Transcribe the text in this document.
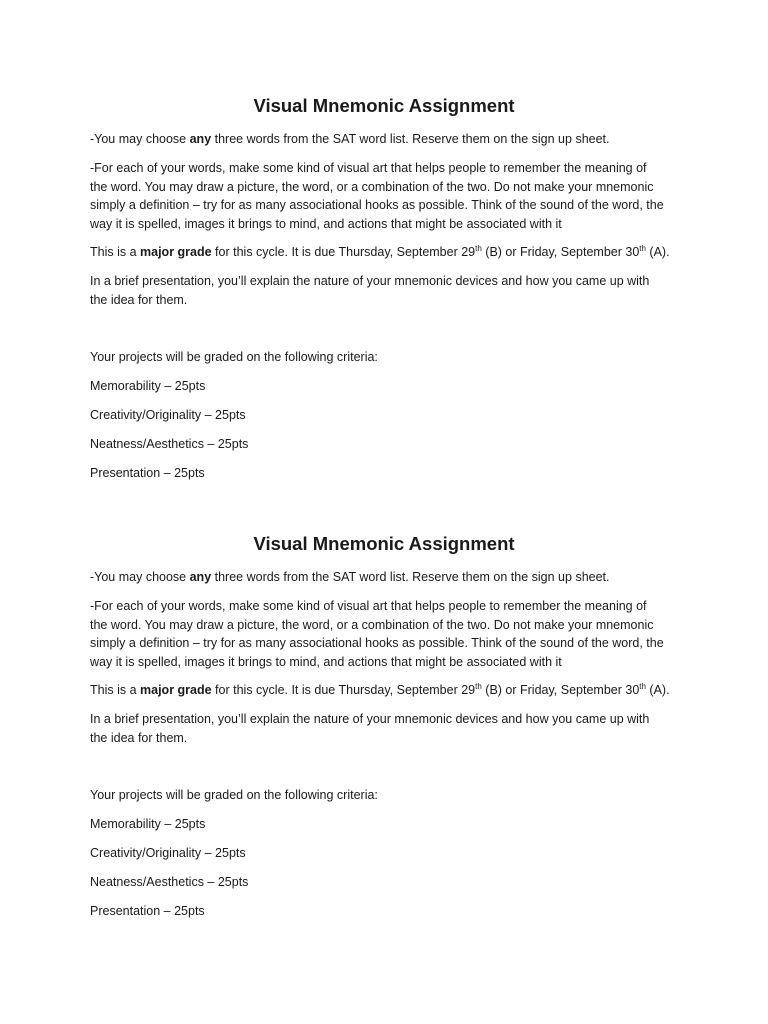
Visual Mnemonic Assignment

-You may choose any three words from the SAT word list. Reserve them on the sign up sheet.

-For each of your words, make some kind of visual art that helps people to remember the meaning of
the word. You may draw a picture, the word, or a combination of the two. Do not make your mnemonic
simply a definition – try for as many associational hooks as possible. Think of the sound of the word, the
way it is spelled, images it brings to mind, and actions that might be associated with it

This is a major grade for this cycle. It is due Thursday, September 29th (B) or Friday, September 30th (A).

In a brief presentation, you’ll explain the nature of your mnemonic devices and how you came up with
the idea for them.

Your projects will be graded on the following criteria:

Memorability – 25pts

Creativity/Originality – 25pts

Neatness/Aesthetics – 25pts

Presentation – 25pts

Visual Mnemonic Assignment

-You may choose any three words from the SAT word list. Reserve them on the sign up sheet.

-For each of your words, make some kind of visual art that helps people to remember the meaning of
the word. You may draw a picture, the word, or a combination of the two. Do not make your mnemonic
simply a definition – try for as many associational hooks as possible. Think of the sound of the word, the
way it is spelled, images it brings to mind, and actions that might be associated with it

This is a major grade for this cycle. It is due Thursday, September 29th (B) or Friday, September 30th (A).

In a brief presentation, you’ll explain the nature of your mnemonic devices and how you came up with
the idea for them.

Your projects will be graded on the following criteria:

Memorability – 25pts

Creativity/Originality – 25pts

Neatness/Aesthetics – 25pts

Presentation – 25pts
